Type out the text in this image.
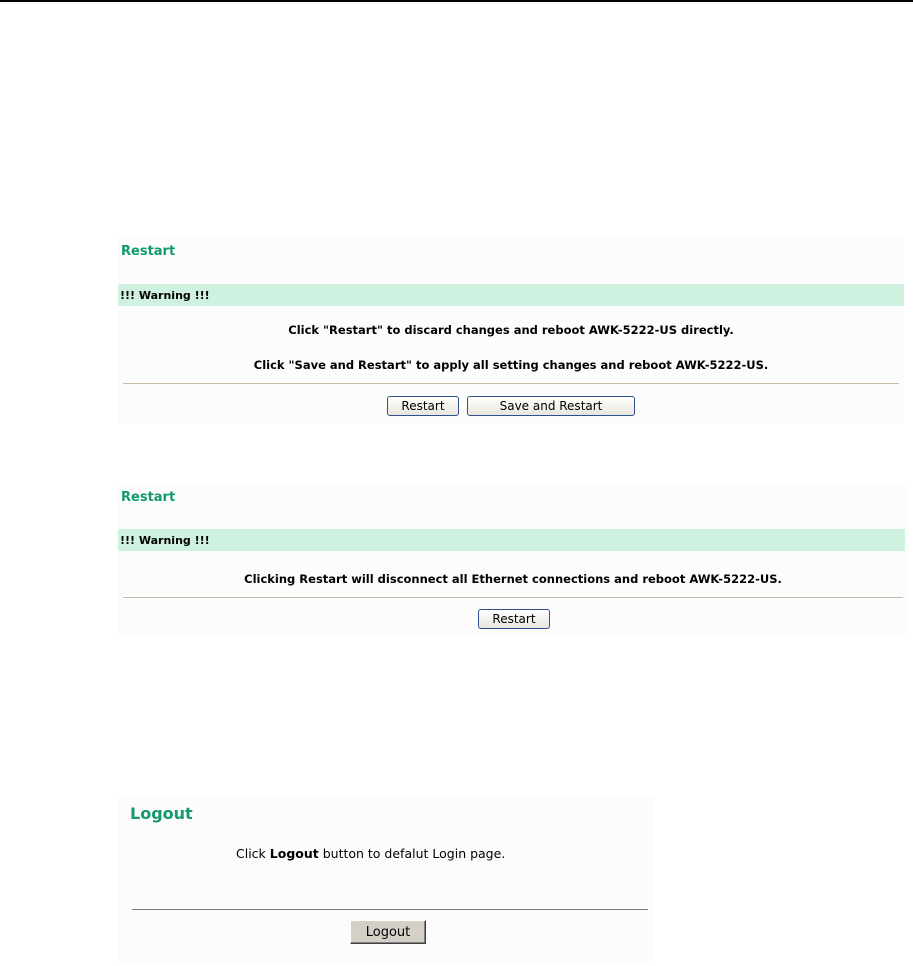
Restart
!!! Warning !!!
Click "Restart" to discard changes and reboot AWK-5222-US directly.
Click "Save and Restart" to apply all setting changes and reboot AWK-5222-US.
Restart	Save and Restart
Restart
!!! Warning !!!
Clicking Restart will disconnect all Ethernet connections and reboot AWK-5222-US.
Restart
Logout
Click Logout button to defalut Login page.
Logout
